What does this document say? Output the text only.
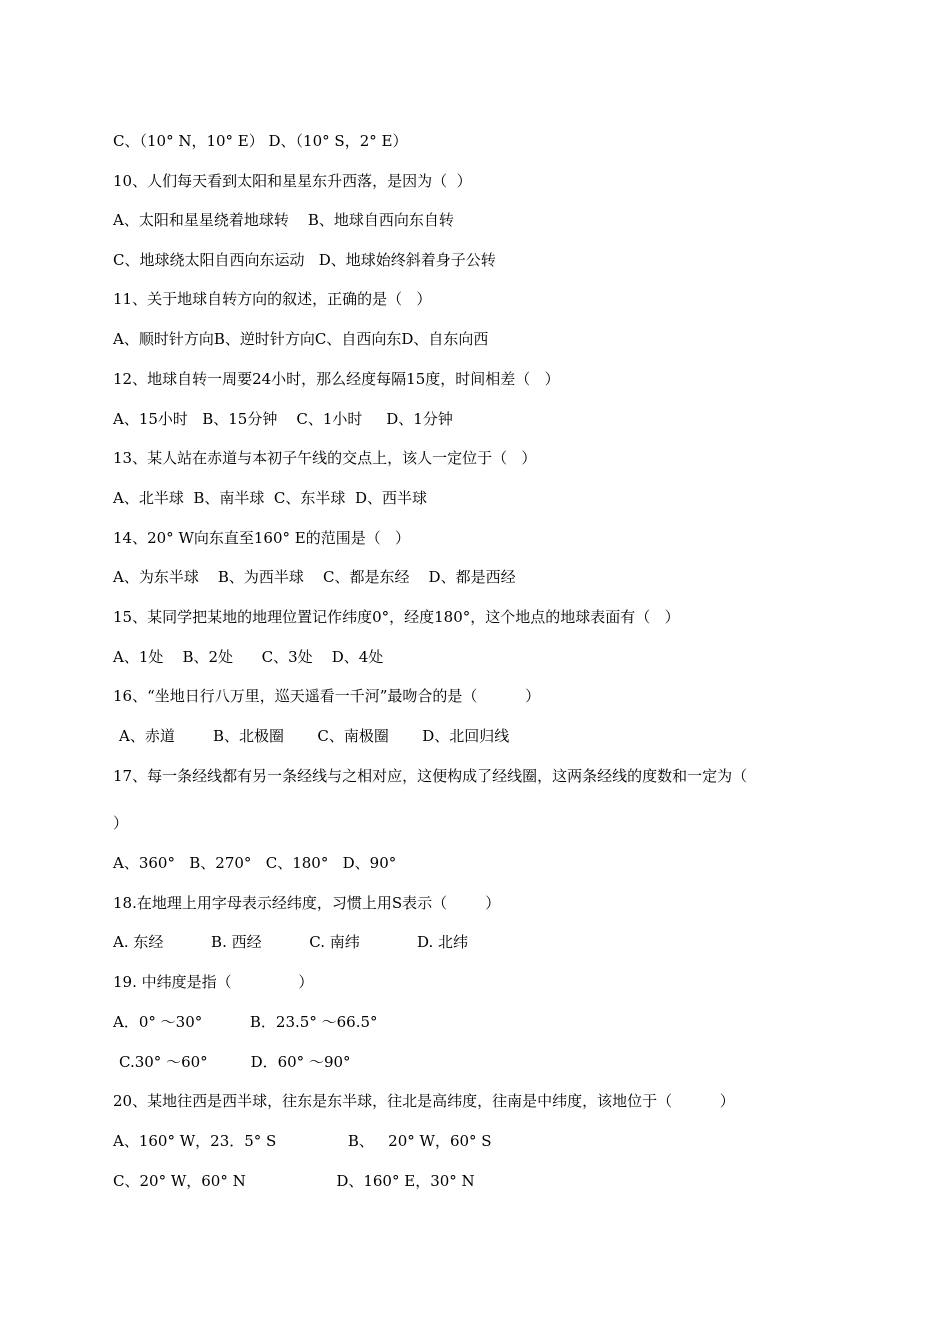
C、（10° N，10° E） D、（10° S，2° E）

10、人们每天看到太阳和星星东升西落，是因为（  ）

A、太阳和星星绕着地球转    B、地球自西向东自转

C、地球绕太阳自西向东运动   D、地球始终斜着身子公转

11、关于地球自转方向的叙述，正确的是（   ）

A、顺时针方向B、逆时针方向C、自西向东D、自东向西

12、地球自转一周要24小时，那么经度每隔15度，时间相差（   ）

A、15小时   B、15分钟    C、1小时     D、1分钟

13、某人站在赤道与本初子午线的交点上，该人一定位于（   ）

A、北半球  B、南半球  C、东半球  D、西半球

14、20° W向东直至160° E的范围是（   ）

A、为东半球    B、为西半球    C、都是东经    D、都是西经

15、某同学把某地的地理位置记作纬度0°，经度180°，这个地点的地球表面有（   ）

A、1处    B、2处      C、3处    D、4处

16、“坐地日行八万里，巡天遥看一千河”最吻合的是（          ）

A、赤道        B、北极圈       C、南极圈       D、北回归线

17、每一条经线都有另一条经线与之相对应，这便构成了经线圈，这两条经线的度数和一定为（

）

A、360°   B、270°   C、180°   D、90°

18.在地理上用字母表示经纬度，习惯上用S表示（        ）

A. 东经          B. 西经          C. 南纬            D. 北纬

19. 中纬度是指（              ）

A．0° ～30°          B．23.5° ～66.5°

C.30° ～60°         D．60° ～90°

20、某地往西是西半球，往东是东半球，往北是高纬度，往南是中纬度，该地位于（          ）

A、160° W，23．5° S               B、   20° W，60° S

C、20° W，60° N                   D、160° E，30° N
